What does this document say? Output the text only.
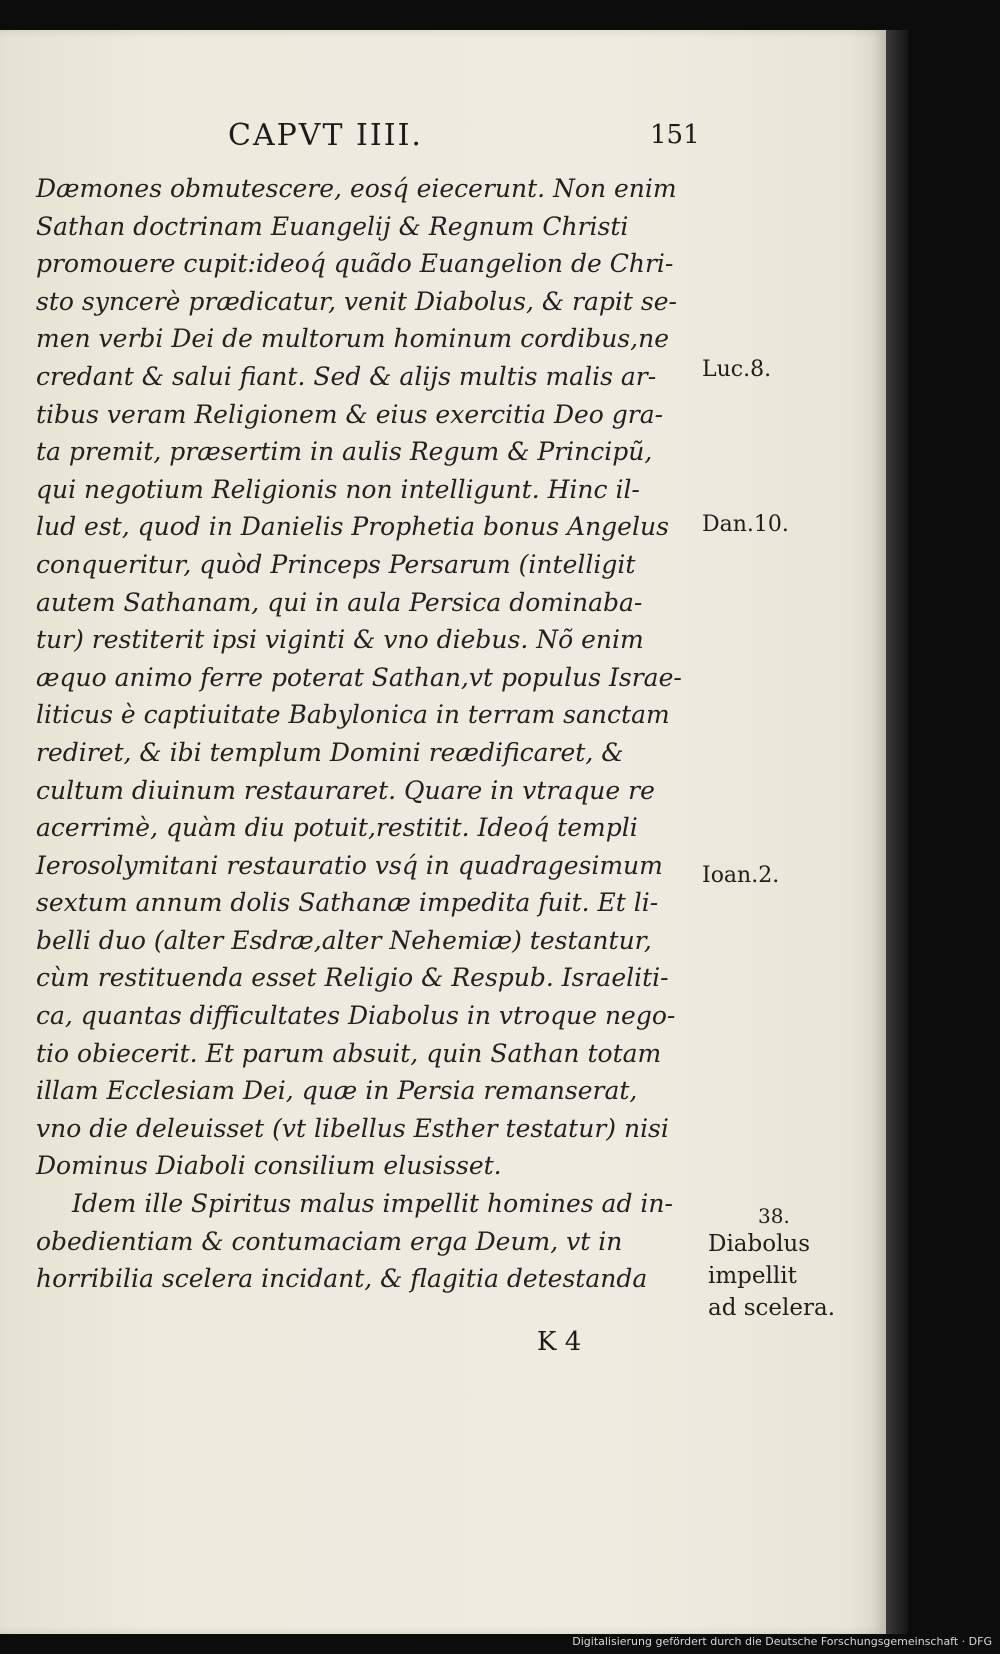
CAPVT IIII.	151
Dæmones obmutescere, eosq́ eiecerunt. Non enim
Sathan doctrinam Euangelij & Regnum Christi
promouere cupit:ideoq́ quãdo Euangelion de Chri-
sto syncerè prædicatur, venit Diabolus, & rapit se-
men verbi Dei de multorum hominum cordibus,ne
credant & salui fiant. Sed & alijs multis malis ar-
tibus veram Religionem & eius exercitia Deo gra-
ta premit, præsertim in aulis Regum & Principũ,
qui negotium Religionis non intelligunt. Hinc il-
lud est, quod in Danielis Prophetia bonus Angelus
conqueritur, quòd Princeps Persarum (intelligit
autem Sathanam, qui in aula Persica dominaba-
tur) restiterit ipsi viginti & vno diebus. Nõ enim
æquo animo ferre poterat Sathan,vt populus Israe-
liticus è captiuitate Babylonica in terram sanctam
rediret, & ibi templum Domini reædificaret, &
cultum diuinum restauraret. Quare in vtraque re
acerrimè, quàm diu potuit,restitit. Ideoq́ templi
Ierosolymitani restauratio vsq́ in quadragesimum
sextum annum dolis Sathanæ impedita fuit. Et li-
belli duo (alter Esdræ,alter Nehemiæ) testantur,
cùm restituenda esset Religio & Respub. Israeliti-
ca, quantas difficultates Diabolus in vtroque nego-
tio obiecerit. Et parum absuit, quin Sathan totam
illam Ecclesiam Dei, quæ in Persia remanserat,
vno die deleuisset (vt libellus Esther testatur) nisi
Dominus Diaboli consilium elusisset.
Idem ille Spiritus malus impellit homines ad in-
obedientiam & contumaciam erga Deum, vt in
horribilia scelera incidant, & flagitia detestanda
Luc.8.
Dan.10.
Ioan.2.
38.
Diabolus
impellit
ad scelera.
K 4
Digitalisierung gefördert durch die Deutsche Forschungsgemeinschaft · DFG
